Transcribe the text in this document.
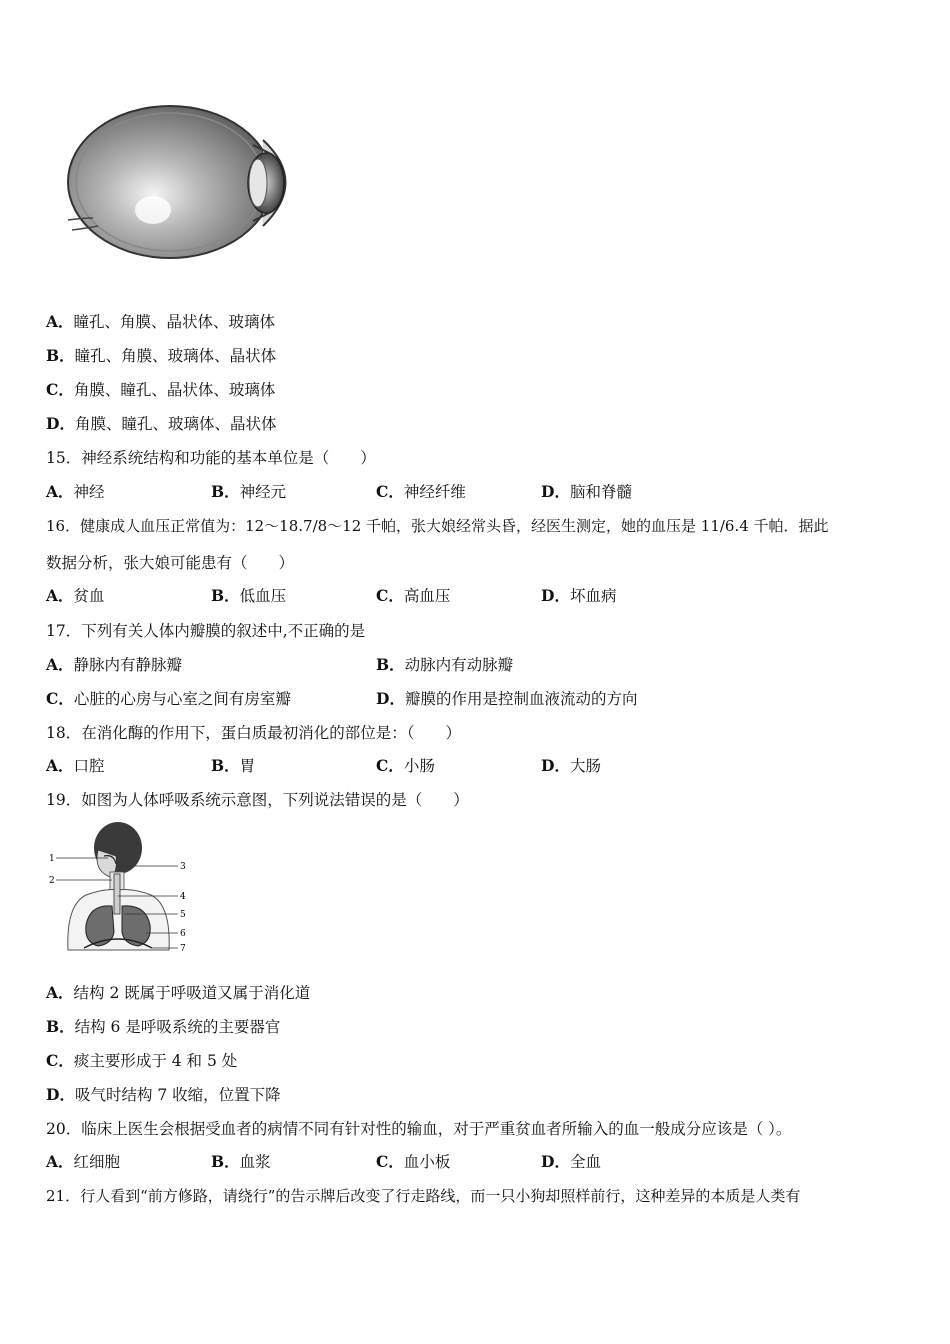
A．瞳孔、角膜、晶状体、玻璃体
B．瞳孔、角膜、玻璃体、晶状体
C．角膜、瞳孔、晶状体、玻璃体
D．角膜、瞳孔、玻璃体、晶状体
15．神经系统结构和功能的基本单位是（　　）
A．神经	B．神经元	C．神经纤维	D．脑和脊髓
16．健康成人血压正常值为：12～18.7/8～12 千帕，张大娘经常头昏，经医生测定，她的血压是 11/6.4 千帕．据此
数据分析，张大娘可能患有（　　）
A．贫血	B．低血压	C．高血压	D．坏血病
17．下列有关人体内瓣膜的叙述中,不正确的是
A．静脉内有静脉瓣	B．动脉内有动脉瓣
C．心脏的心房与心室之间有房室瓣	D．瓣膜的作用是控制血液流动的方向
18．在消化酶的作用下，蛋白质最初消化的部位是：（　　）
A．口腔	B．胃	C．小肠	D．大肠
19．如图为人体呼吸系统示意图，下列说法错误的是（　　）
1
2
3
4
5
6
7
A．结构 2 既属于呼吸道又属于消化道
B．结构 6 是呼吸系统的主要器官
C．痰主要形成于 4 和 5 处
D．吸气时结构 7 收缩，位置下降
20．临床上医生会根据受血者的病情不同有针对性的输血，对于严重贫血者所输入的血一般成分应该是（ ）。
A．红细胞	B．血浆	C．血小板	D．全血
21．行人看到“前方修路，请绕行”的告示牌后改变了行走路线，而一只小狗却照样前行，这种差异的本质是人类有
